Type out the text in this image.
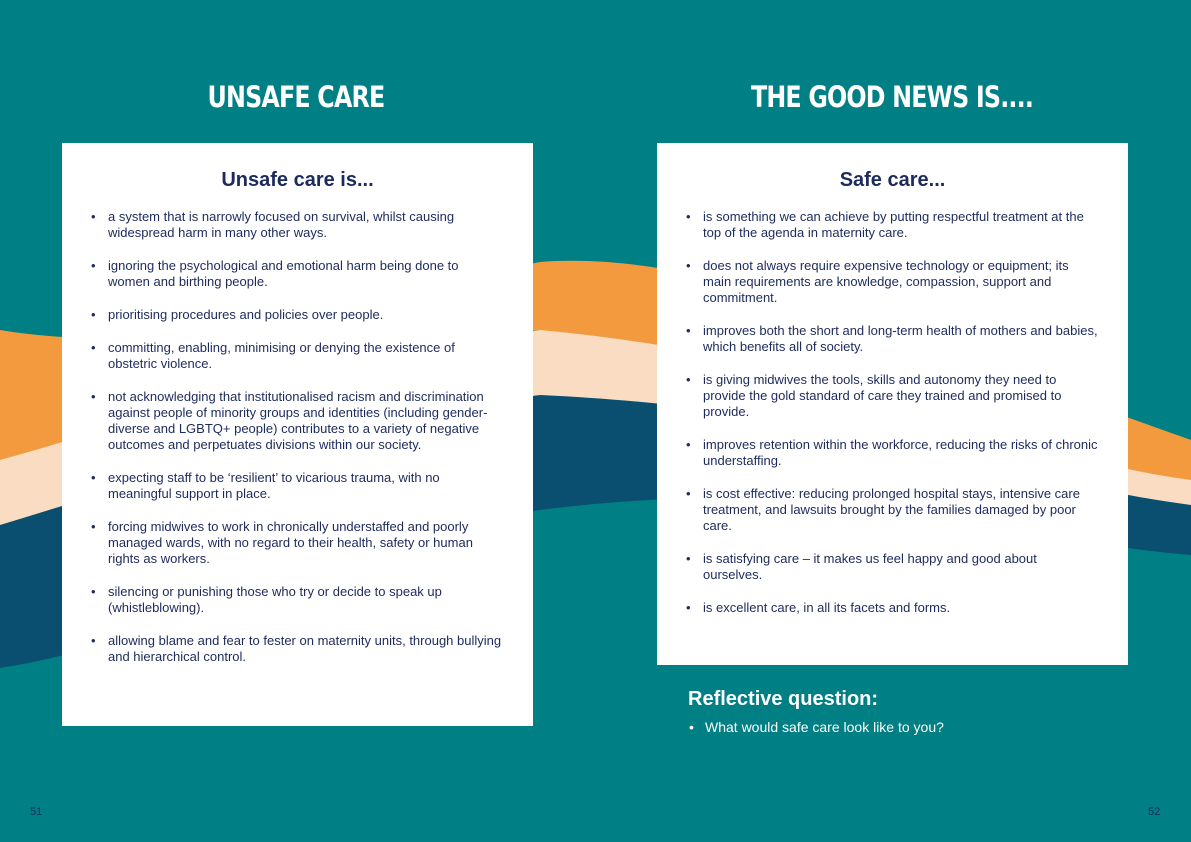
UNSAFE CARE	THE GOOD NEWS IS....
Unsafe care is...
• a system that is narrowly focused on survival, whilst causing widespread harm in many other ways.
• ignoring the psychological and emotional harm being done to women and birthing people.
• prioritising procedures and policies over people.
• committing, enabling, minimising or denying the existence of obstetric violence.
• not acknowledging that institutionalised racism and discrimination against people of minority groups and identities (including gender-diverse and LGBTQ+ people) contributes to a variety of negative outcomes and perpetuates divisions within our society.
• expecting staff to be ‘resilient’ to vicarious trauma, with no meaningful support in place.
• forcing midwives to work in chronically understaffed and poorly managed wards, with no regard to their health, safety or human rights as workers.
• silencing or punishing those who try or decide to speak up (whistleblowing).
• allowing blame and fear to fester on maternity units, through bullying and hierarchical control.
Safe care...
• is something we can achieve by putting respectful treatment at the top of the agenda in maternity care.
• does not always require expensive technology or equipment; its main requirements are knowledge, compassion, support and commitment.
• improves both the short and long-term health of mothers and babies, which benefits all of society.
• is giving midwives the tools, skills and autonomy they need to provide the gold standard of care they trained and promised to provide.
• improves retention within the workforce, reducing the risks of chronic understaffing.
• is cost effective: reducing prolonged hospital stays, intensive care treatment, and lawsuits brought by the families damaged by poor care.
• is satisfying care – it makes us feel happy and good about ourselves.
• is excellent care, in all its facets and forms.
Reflective question:
• What would safe care look like to you?
51	52
